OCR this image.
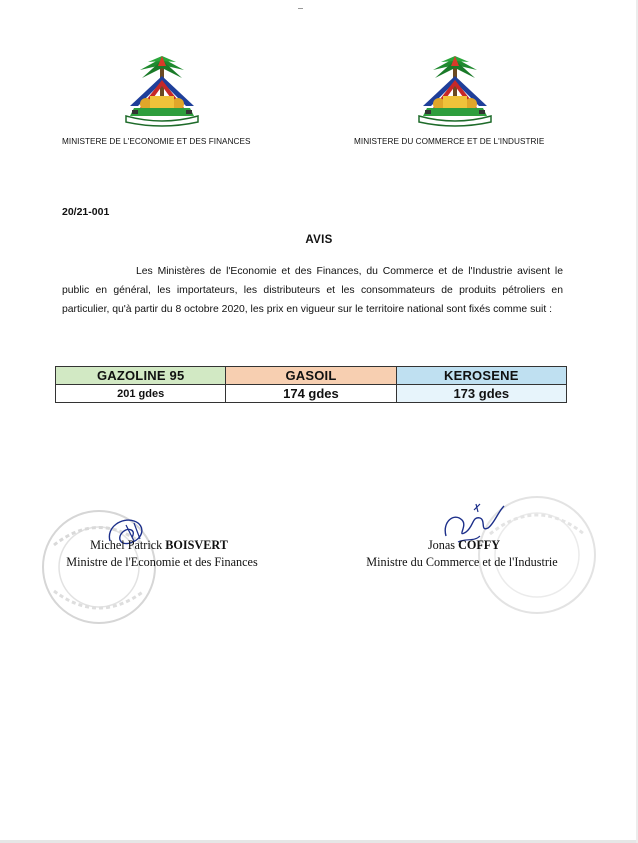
MINISTERE DE L'ECONOMIE ET DES FINANCES	MINISTERE DU COMMERCE ET DE L'INDUSTRIE
20/21-001
AVIS

Les Ministères de l'Economie et des Finances, du Commerce et de l'Industrie avisent le public en général, les importateurs, les distributeurs et les consommateurs de produits pétroliers en particulier, qu'à partir du 8 octobre 2020, les prix en vigueur sur le territoire national sont fixés comme suit :

GAZOLINE 95	GASOIL	KEROSENE
201 gdes	174 gdes	173 gdes
Michel Patrick BOISVERT
Ministre de l'Economie et des Finances
Jonas COFFY
Ministre du Commerce et de l'Industrie
